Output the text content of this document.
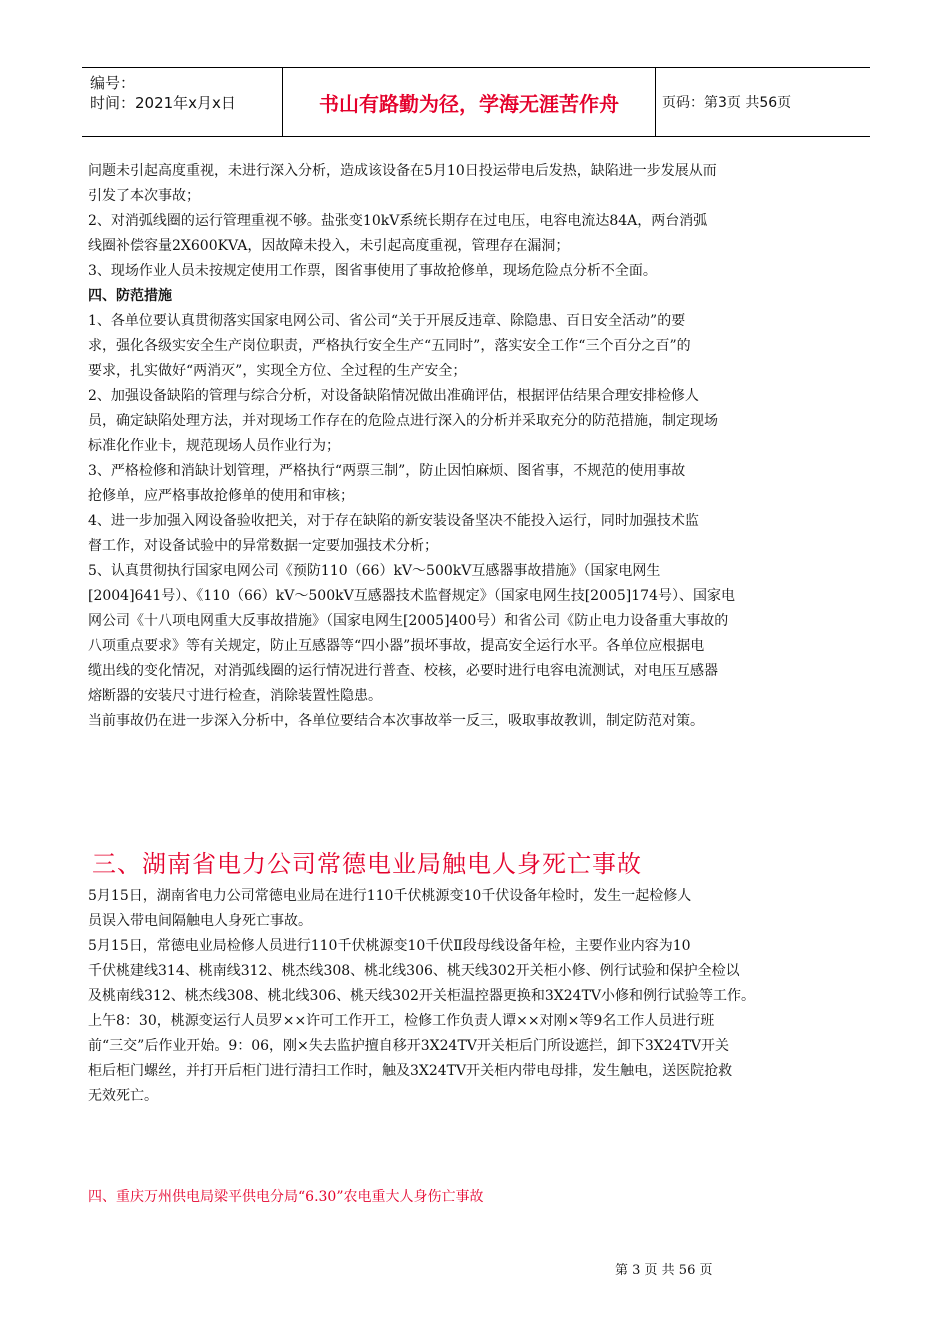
编号：
时间：2021年x月x日	书山有路勤为径，学海无涯苦作舟	页码：第3页 共56页

问题未引起高度重视，未进行深入分析，造成该设备在5月10日投运带电后发热，缺陷进一步发展从而

引发了本次事故；

2、对消弧线圈的运行管理重视不够。盐张变10kV系统长期存在过电压，电容电流达84A，两台消弧

线圈补偿容量2X600KVA，因故障未投入，未引起高度重视，管理存在漏洞；

3、现场作业人员未按规定使用工作票，图省事使用了事故抢修单，现场危险点分析不全面。

四、防范措施

1、各单位要认真贯彻落实国家电网公司、省公司“关于开展反违章、除隐患、百日安全活动”的要

求，强化各级实安全生产岗位职责，严格执行安全生产“五同时”，落实安全工作“三个百分之百”的

要求，扎实做好“两消灭”，实现全方位、全过程的生产安全；

2、加强设备缺陷的管理与综合分析，对设备缺陷情况做出准确评估，根据评估结果合理安排检修人

员，确定缺陷处理方法，并对现场工作存在的危险点进行深入的分析并采取充分的防范措施，制定现场

标准化作业卡，规范现场人员作业行为；

3、严格检修和消缺计划管理，严格执行“两票三制”，防止因怕麻烦、图省事，不规范的使用事故

抢修单，应严格事故抢修单的使用和审核；

4、进一步加强入网设备验收把关，对于存在缺陷的新安装设备坚决不能投入运行，同时加强技术监

督工作，对设备试验中的异常数据一定要加强技术分析；

5、认真贯彻执行国家电网公司《预防110（66）kV～500kV互感器事故措施》（国家电网生

[2004]641号）、《110（66）kV～500kV互感器技术监督规定》（国家电网生技[2005]174号）、国家电

网公司《十八项电网重大反事故措施》（国家电网生[2005]400号）和省公司《防止电力设备重大事故的

八项重点要求》等有关规定，防止互感器等“四小器”损坏事故，提高安全运行水平。各单位应根据电

缆出线的变化情况，对消弧线圈的运行情况进行普查、校核，必要时进行电容电流测试，对电压互感器

熔断器的安装尺寸进行检查，消除装置性隐患。

当前事故仍在进一步深入分析中，各单位要结合本次事故举一反三，吸取事故教训，制定防范对策。

三、湖南省电力公司常德电业局触电人身死亡事故

5月15日，湖南省电力公司常德电业局在进行110千伏桃源变10千伏设备年检时，发生一起检修人

员误入带电间隔触电人身死亡事故。

5月15日，常德电业局检修人员进行110千伏桃源变10千伏Ⅱ段母线设备年检，主要作业内容为10

千伏桃建线314、桃南线312、桃杰线308、桃北线306、桃天线302开关柜小修、例行试验和保护全检以

及桃南线312、桃杰线308、桃北线306、桃天线302开关柜温控器更换和3X24TV小修和例行试验等工作。

上午8：30，桃源变运行人员罗××许可工作开工，检修工作负责人谭××对刚×等9名工作人员进行班

前“三交”后作业开始。9：06，刚×失去监护擅自移开3X24TV开关柜后门所设遮拦，卸下3X24TV开关

柜后柜门螺丝，并打开后柜门进行清扫工作时，触及3X24TV开关柜内带电母排，发生触电，送医院抢救

无效死亡。

四、重庆万州供电局梁平供电分局“6.30”农电重大人身伤亡事故
第 3 页 共 56 页
